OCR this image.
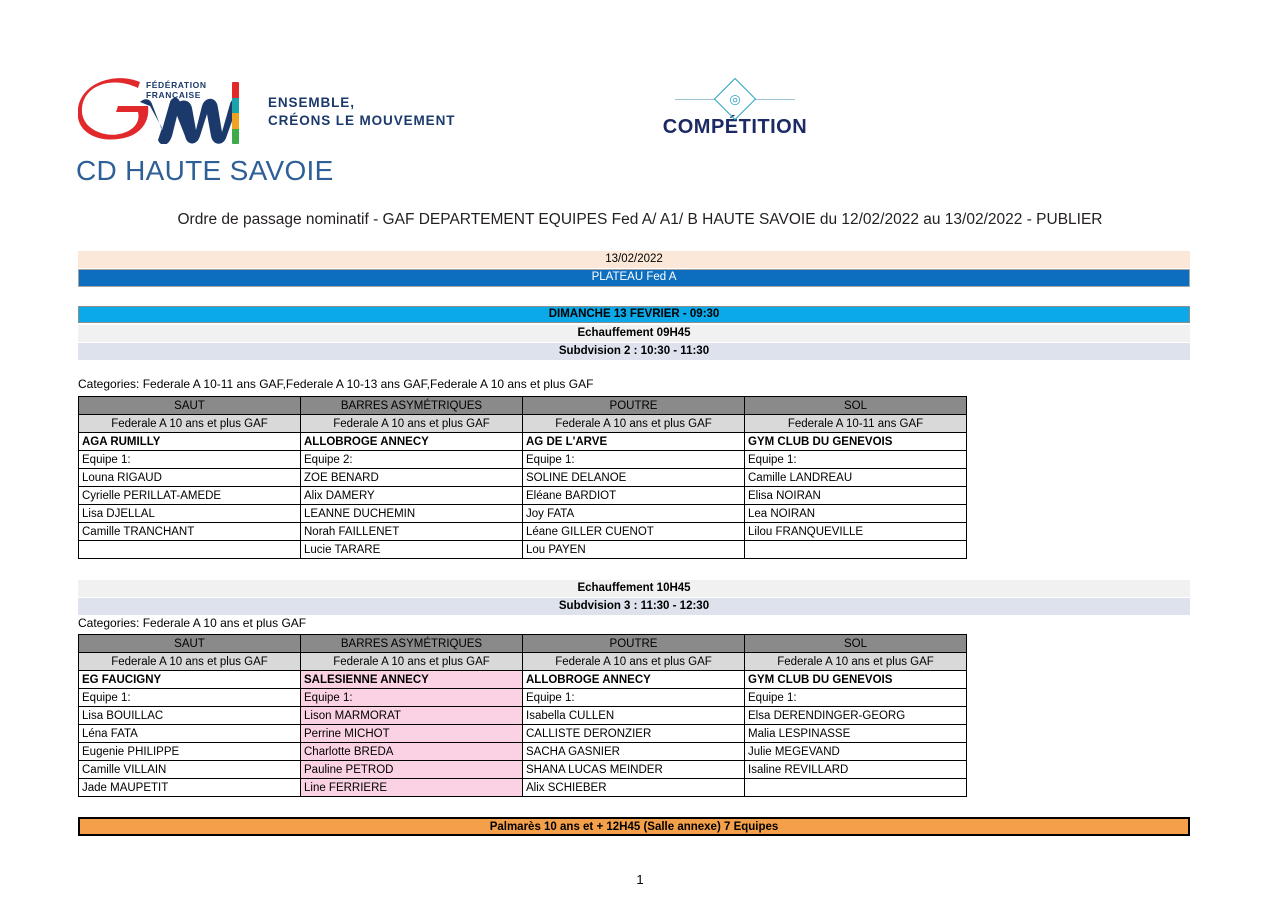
FÉDÉRATION
FRANÇAISE	ENSEMBLE,
CRÉONS LE MOUVEMENT
CD HAUTE SAVOIE
◎
COMPÉTITION
Ordre de passage nominatif - GAF DEPARTEMENT EQUIPES Fed A/ A1/ B HAUTE SAVOIE du 12/02/2022 au 13/02/2022 - PUBLIER
13/02/2022
PLATEAU Fed A
DIMANCHE 13 FEVRIER - 09:30
Echauffement 09H45
Subdvision 2 : 10:30 - 11:30
Categories: Federale A 10-11 ans GAF,Federale A 10-13 ans GAF,Federale A 10 ans et plus GAF
Echauffement 10H45
Subdvision 3 : 11:30 - 12:30
Categories: Federale A 10 ans et plus GAF
SAUT	BARRES ASYMÉTRIQUES	POUTRE	SOL
Federale A 10 ans et plus GAF	Federale A 10 ans et plus GAF	Federale A 10 ans et plus GAF	Federale A 10-11 ans GAF
AGA RUMILLY	ALLOBROGE ANNECY	AG DE L'ARVE	GYM CLUB DU GENEVOIS
Equipe 1:	Equipe 2:	Equipe 1:	Equipe 1:
Louna RIGAUD	ZOE BENARD	SOLINE DELANOE	Camille LANDREAU
Cyrielle PERILLAT-AMEDE	Alix DAMERY	Eléane BARDIOT	Elisa NOIRAN
Lisa DJELLAL	LEANNE DUCHEMIN	Joy FATA	Lea NOIRAN
Camille TRANCHANT	Norah FAILLENET	Léane GILLER CUENOT	Lilou FRANQUEVILLE
	Lucie TARARE	Lou PAYEN	
SAUT	BARRES ASYMÉTRIQUES	POUTRE	SOL
Federale A 10 ans et plus GAF	Federale A 10 ans et plus GAF	Federale A 10 ans et plus GAF	Federale A 10 ans et plus GAF
EG FAUCIGNY	SALESIENNE ANNECY	ALLOBROGE ANNECY	GYM CLUB DU GENEVOIS
Equipe 1:	Equipe 1:	Equipe 1:	Equipe 1:
Lisa BOUILLAC	Lison MARMORAT	Isabella CULLEN	Elsa DERENDINGER-GEORG
Léna FATA	Perrine MICHOT	CALLISTE DERONZIER	Malia LESPINASSE
Eugenie PHILIPPE	Charlotte BREDA	SACHA GASNIER	Julie MEGEVAND
Camille VILLAIN	Pauline PETROD	SHANA LUCAS MEINDER	Isaline REVILLARD
Jade MAUPETIT	Line FERRIERE	Alix SCHIEBER	
Palmarès 10 ans et + 12H45 (Salle annexe) 7 Equipes
1
